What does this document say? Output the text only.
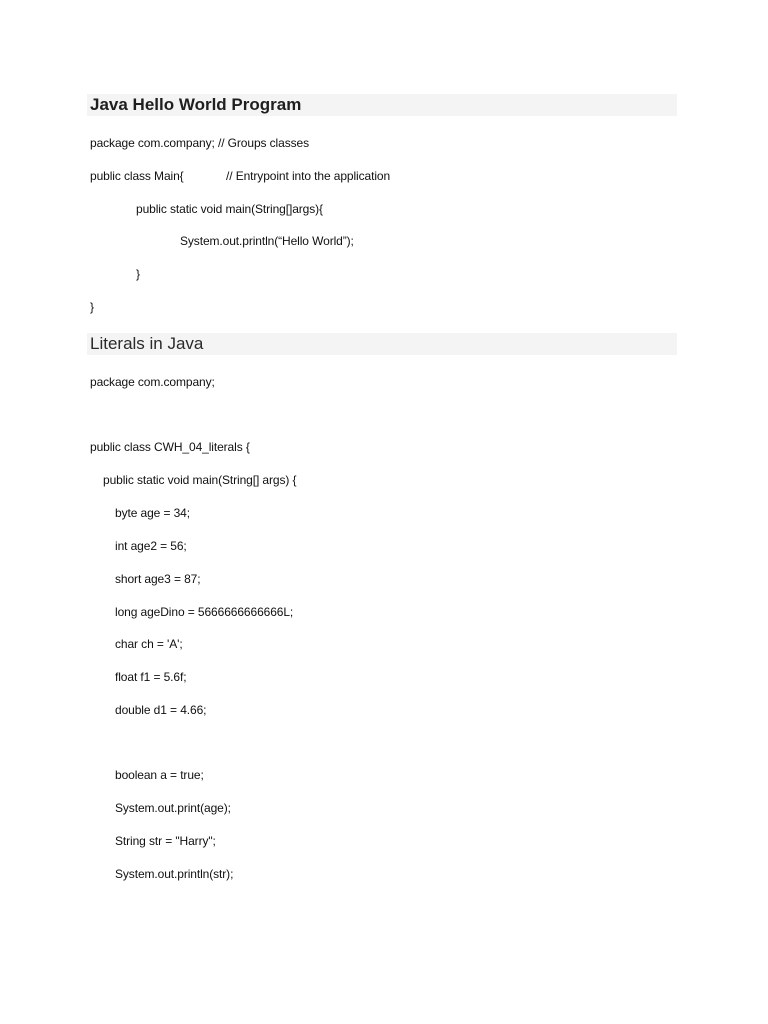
Java Hello World Program
package com.company; // Groups classes
public class Main{	// Entrypoint into the application
public static void main(String[]args){
System.out.println(“Hello World”);
}
}
Literals in Java
package com.company;
public class CWH_04_literals {
public static void main(String[] args) {
byte age = 34;
int age2 = 56;
short age3 = 87;
long ageDino = 5666666666666L;
char ch = 'A';
float f1 = 5.6f;
double d1 = 4.66;
boolean a = true;
System.out.print(age);
String str = "Harry";
System.out.println(str);
